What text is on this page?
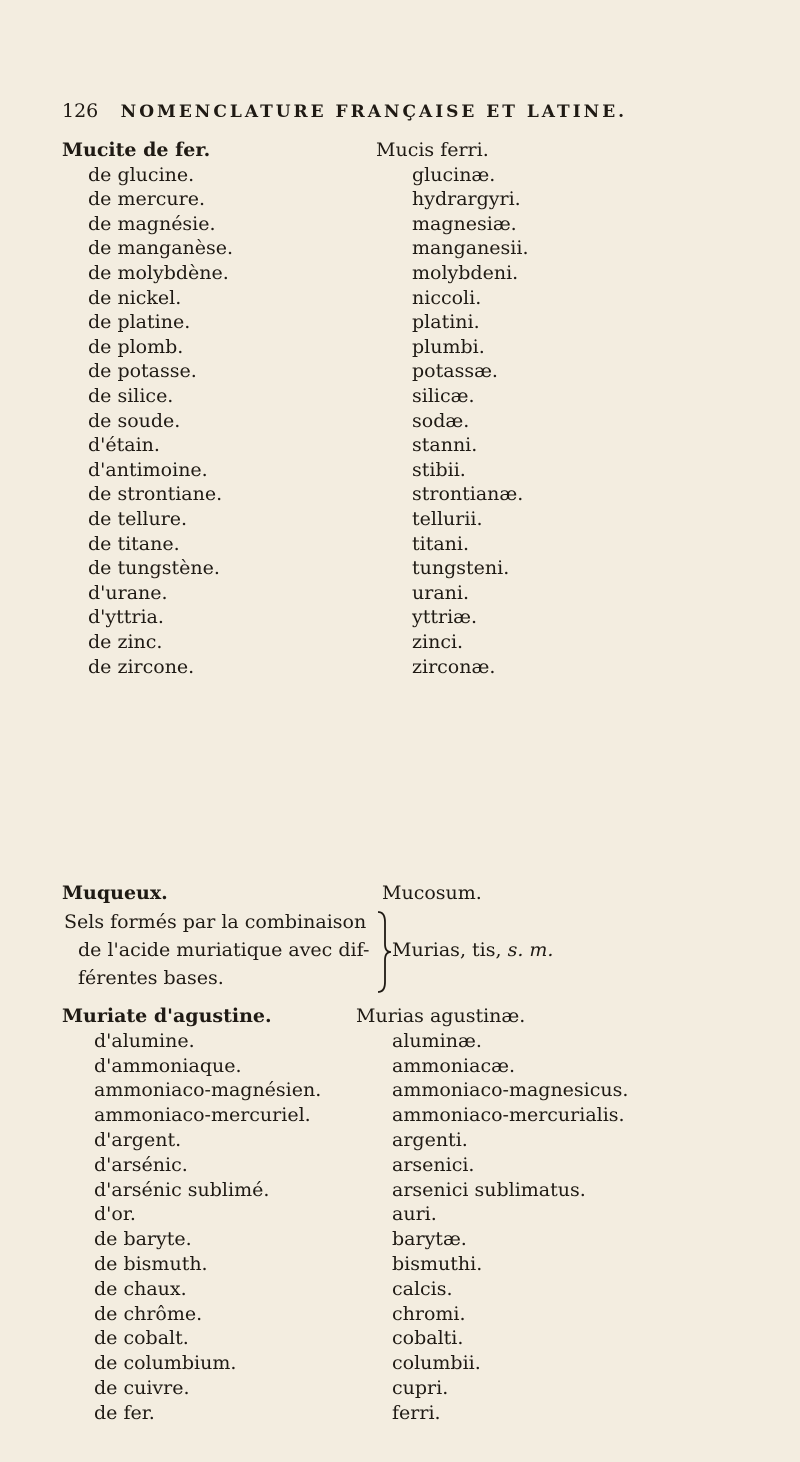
126 NOMENCLATURE FRANÇAISE ET LATINE.
Mucite de fer.	Mucis ferri.
de glucine.	glucinæ.
de mercure.	hydrargyri.
de magnésie.	magnesiæ.
de manganèse.	manganesii.
de molybdène.	molybdeni.
de nickel.	niccoli.
de platine.	platini.
de plomb.	plumbi.
de potasse.	potassæ.
de silice.	silicæ.
de soude.	sodæ.
d'étain.	stanni.
d'antimoine.	stibii.
de strontiane.	strontianæ.
de tellure.	tellurii.
de titane.	titani.
de tungstène.	tungsteni.
d'urane.	urani.
d'yttria.	yttriæ.
de zinc.	zinci.
de zircone.	zirconæ.
Muqueux.	Mucosum.
Sels formés par la combinaison
de l'acide muriatique avec dif-
férentes bases.
Murias, tis, s. m.
Muriate d'agustine.	Murias agustinæ.
d'alumine.	aluminæ.
d'ammoniaque.	ammoniacæ.
ammoniaco-magnésien.	ammoniaco-magnesicus.
ammoniaco-mercuriel.	ammoniaco-mercurialis.
d'argent.	argenti.
d'arsénic.	arsenici.
d'arsénic sublimé.	arsenici sublimatus.
d'or.	auri.
de baryte.	barytæ.
de bismuth.	bismuthi.
de chaux.	calcis.
de chrôme.	chromi.
de cobalt.	cobalti.
de columbium.	columbii.
de cuivre.	cupri.
de fer.	ferri.
